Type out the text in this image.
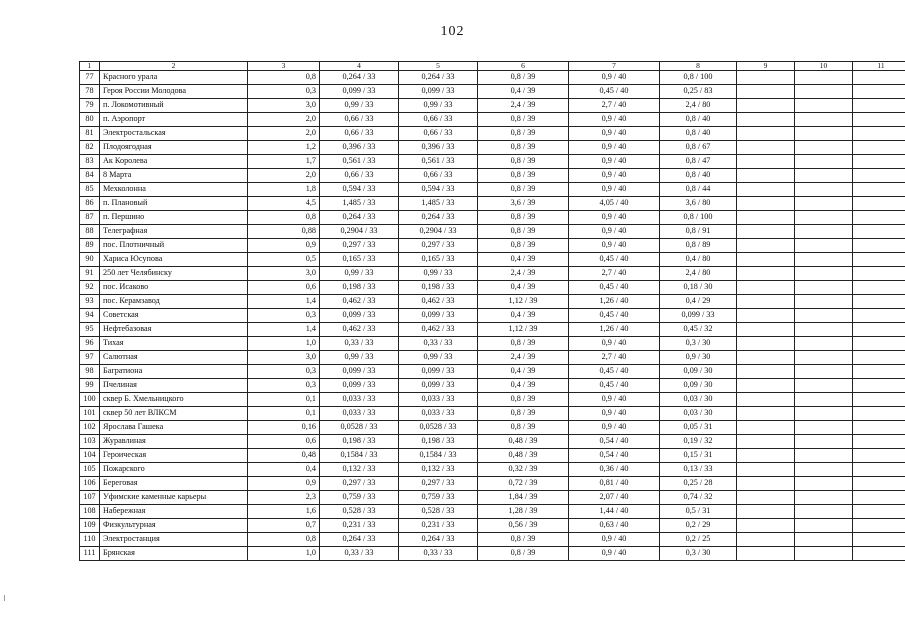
102
1	2	3	4	5	6	7	8	9	10	11
77	Красного урала	0,8	0,264 / 33	0,264 / 33	0,8 / 39	0,9 / 40	0,8 / 100			
78	Героя России Молодова	0,3	0,099 / 33	0,099 / 33	0,4 / 39	0,45 / 40	0,25 / 83			
79	п. Локомотивный	3,0	0,99 / 33	0,99 / 33	2,4 / 39	2,7 / 40	2,4 / 80			
80	п. Аэропорт	2,0	0,66 / 33	0,66 / 33	0,8 / 39	0,9 / 40	0,8 / 40			
81	Электростальская	2,0	0,66 / 33	0,66 / 33	0,8 / 39	0,9 / 40	0,8 / 40			
82	Плодоягодная	1,2	0,396 / 33	0,396 / 33	0,8 / 39	0,9 / 40	0,8 / 67			
83	Ак Королева	1,7	0,561 / 33	0,561 / 33	0,8 / 39	0,9 / 40	0,8 / 47			
84	8 Марта	2,0	0,66 / 33	0,66 / 33	0,8 / 39	0,9 / 40	0,8 / 40			
85	Мехколонна	1,8	0,594 / 33	0,594 / 33	0,8 / 39	0,9 / 40	0,8 / 44			
86	п. Плановый	4,5	1,485 / 33	1,485 / 33	3,6 / 39	4,05 / 40	3,6 / 80			
87	п. Першино	0,8	0,264 / 33	0,264 / 33	0,8 / 39	0,9 / 40	0,8 / 100			
88	Телеграфная	0,88	0,2904 / 33	0,2904 / 33	0,8 / 39	0,9 / 40	0,8 / 91			
89	пос. Плотничный	0,9	0,297 / 33	0,297 / 33	0,8 / 39	0,9 / 40	0,8 / 89			
90	Хариса Юсупова	0,5	0,165 / 33	0,165 / 33	0,4 / 39	0,45 / 40	0,4 / 80			
91	250 лет Челябинску	3,0	0,99 / 33	0,99 / 33	2,4 / 39	2,7 / 40	2,4 / 80			
92	пос. Исаково	0,6	0,198 / 33	0,198 / 33	0,4 / 39	0,45 / 40	0,18 / 30			
93	пос. Керамзавод	1,4	0,462 / 33	0,462 / 33	1,12 / 39	1,26 / 40	0,4 / 29			
94	Советская	0,3	0,099 / 33	0,099 / 33	0,4 / 39	0,45 / 40	0,099 / 33			
95	Нефтебазовая	1,4	0,462 / 33	0,462 / 33	1,12 / 39	1,26 / 40	0,45 / 32			
96	Тихая	1,0	0,33 / 33	0,33 / 33	0,8 / 39	0,9 / 40	0,3 / 30			
97	Салютная	3,0	0,99 / 33	0,99 / 33	2,4 / 39	2,7 / 40	0,9 / 30			
98	Багратиона	0,3	0,099 / 33	0,099 / 33	0,4 / 39	0,45 / 40	0,09 / 30			
99	Пчелиная	0,3	0,099 / 33	0,099 / 33	0,4 / 39	0,45 / 40	0,09 / 30			
100	сквер Б. Хмельницкого	0,1	0,033 / 33	0,033 / 33	0,8 / 39	0,9 / 40	0,03 / 30			
101	сквер 50 лет ВЛКСМ	0,1	0,033 / 33	0,033 / 33	0,8 / 39	0,9 / 40	0,03 / 30			
102	Ярослава Гашека	0,16	0,0528 / 33	0,0528 / 33	0,8 / 39	0,9 / 40	0,05 / 31			
103	Журавлиная	0,6	0,198 / 33	0,198 / 33	0,48 / 39	0,54 / 40	0,19 / 32			
104	Героическая	0,48	0,1584 / 33	0,1584 / 33	0,48 / 39	0,54 / 40	0,15 / 31			
105	Пожарского	0,4	0,132 / 33	0,132 / 33	0,32 / 39	0,36 / 40	0,13 / 33			
106	Береговая	0,9	0,297 / 33	0,297 / 33	0,72 / 39	0,81 / 40	0,25 / 28			
107	Уфимские каменные карьеры	2,3	0,759 / 33	0,759 / 33	1,84 / 39	2,07 / 40	0,74 / 32			
108	Набережная	1,6	0,528 / 33	0,528 / 33	1,28 / 39	1,44 / 40	0,5 / 31			
109	Физкультурная	0,7	0,231 / 33	0,231 / 33	0,56 / 39	0,63 / 40	0,2 / 29			
110	Электростанция	0,8	0,264 / 33	0,264 / 33	0,8 / 39	0,9 / 40	0,2 / 25			
111	Брянская	1,0	0,33 / 33	0,33 / 33	0,8 / 39	0,9 / 40	0,3 / 30			
